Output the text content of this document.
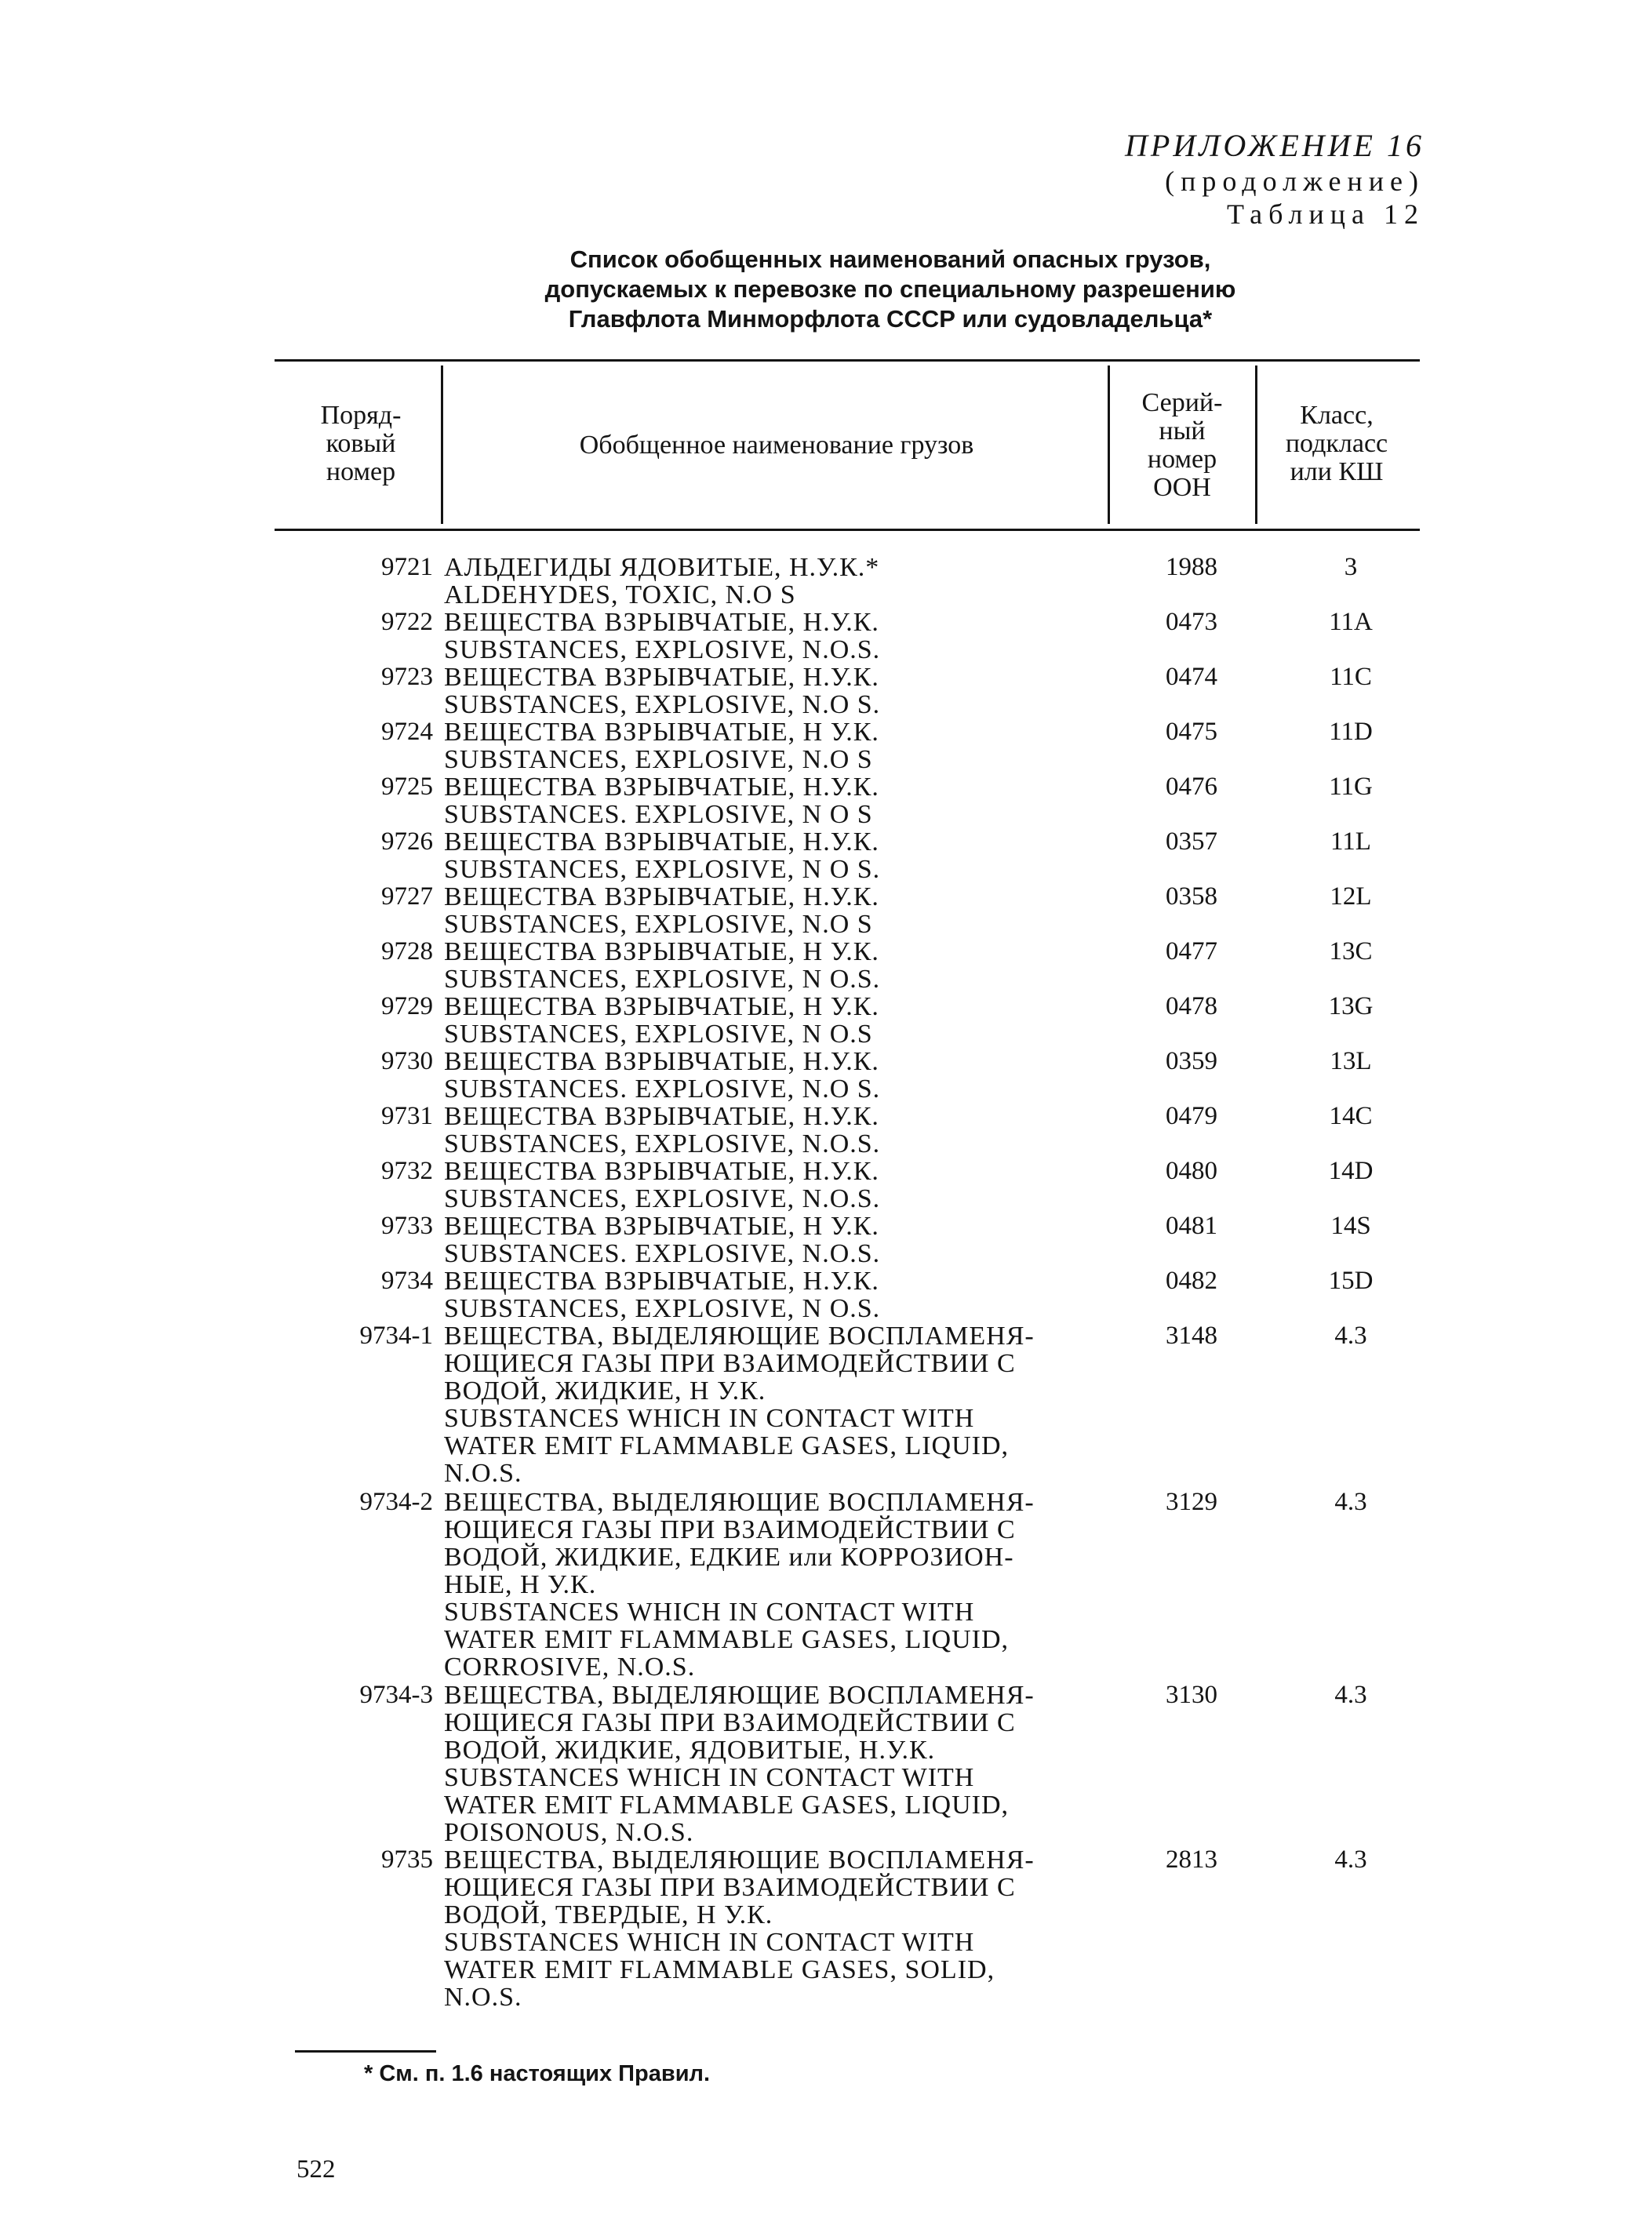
ПРИЛОЖЕНИЕ 16
(продолжение)
Таблица 12
Список обобщенных наименований опасных грузов,
допускаемых к перевозке по специальному разрешению
Главфлота Минморфлота СССР или судовладельца*
Поряд-
ковый
номер
Обобщенное наименование грузов
Серий-
ный
номер
ООН
Класс,
подкласс
или КШ
9721 АЛЬДЕГИДЫ ЯДОВИТЫЕ, Н.У.К.*
ALDEHYDES, TOXIC, N.O S
1988	3
9722 ВЕЩЕСТВА ВЗРЫВЧАТЫЕ, Н.У.К.
SUBSTANCES, EXPLOSIVE, N.O.S.
0473	11A
9723 ВЕЩЕСТВА ВЗРЫВЧАТЫЕ, Н.У.К.
SUBSTANCES, EXPLOSIVE, N.O S.
0474	11C
9724 ВЕЩЕСТВА ВЗРЫВЧАТЫЕ, Н У.К.
SUBSTANCES, EXPLOSIVE, N.O S
0475	11D
9725 ВЕЩЕСТВА ВЗРЫВЧАТЫЕ, Н.У.К.
SUBSTANCES. EXPLOSIVE, N O S
0476	11G
9726 ВЕЩЕСТВА ВЗРЫВЧАТЫЕ, Н.У.К.
SUBSTANCES, EXPLOSIVE, N O S.
0357	11L
9727 ВЕЩЕСТВА ВЗРЫВЧАТЫЕ, Н.У.К.
SUBSTANCES, EXPLOSIVE, N.O S
0358	12L
9728 ВЕЩЕСТВА ВЗРЫВЧАТЫЕ, Н У.К.
SUBSTANCES, EXPLOSIVE, N O.S.
0477	13C
9729 ВЕЩЕСТВА ВЗРЫВЧАТЫЕ, Н У.К.
SUBSTANCES, EXPLOSIVE, N O.S
0478	13G
9730 ВЕЩЕСТВА ВЗРЫВЧАТЫЕ, Н.У.К.
SUBSTANCES. EXPLOSIVE, N.O S.
0359	13L
9731 ВЕЩЕСТВА ВЗРЫВЧАТЫЕ, Н.У.К.
SUBSTANCES, EXPLOSIVE, N.O.S.
0479	14C
9732 ВЕЩЕСТВА ВЗРЫВЧАТЫЕ, Н.У.К.
SUBSTANCES, EXPLOSIVE, N.O.S.
0480	14D
9733 ВЕЩЕСТВА ВЗРЫВЧАТЫЕ, Н У.К.
SUBSTANCES. EXPLOSIVE, N.O.S.
0481	14S
9734 ВЕЩЕСТВА ВЗРЫВЧАТЫЕ, Н.У.К.
SUBSTANCES, EXPLOSIVE, N O.S.
0482	15D
9734-1 ВЕЩЕСТВА, ВЫДЕЛЯЮЩИЕ ВОСПЛАМЕНЯ-
ЮЩИЕСЯ ГАЗЫ ПРИ ВЗАИМОДЕЙСТВИИ С
ВОДОЙ, ЖИДКИЕ, Н У.К.
SUBSTANCES WHICH IN CONTACT WITH
WATER EMIT FLAMMABLE GASES, LIQUID,
N.O.S.
3148	4.3
9734-2 ВЕЩЕСТВА, ВЫДЕЛЯЮЩИЕ ВОСПЛАМЕНЯ-
ЮЩИЕСЯ ГАЗЫ ПРИ ВЗАИМОДЕЙСТВИИ С
ВОДОЙ, ЖИДКИЕ, ЕДКИЕ или КОРРОЗИОН-
НЫЕ, Н У.К.
SUBSTANCES WHICH IN CONTACT WITH
WATER EMIT FLAMMABLE GASES, LIQUID,
CORROSIVE, N.O.S.
3129	4.3
9734-3 ВЕЩЕСТВА, ВЫДЕЛЯЮЩИЕ ВОСПЛАМЕНЯ-
ЮЩИЕСЯ ГАЗЫ ПРИ ВЗАИМОДЕЙСТВИИ С
ВОДОЙ, ЖИДКИЕ, ЯДОВИТЫЕ, Н.У.К.
SUBSTANCES WHICH IN CONTACT WITH
WATER EMIT FLAMMABLE GASES, LIQUID,
POISONOUS, N.O.S.
3130	4.3
9735 ВЕЩЕСТВА, ВЫДЕЛЯЮЩИЕ ВОСПЛАМЕНЯ-
ЮЩИЕСЯ ГАЗЫ ПРИ ВЗАИМОДЕЙСТВИИ С
ВОДОЙ, ТВЕРДЫЕ, Н У.К.
SUBSTANCES WHICH IN CONTACT WITH
WATER EMIT FLAMMABLE GASES, SOLID,
N.O.S.
2813	4.3
* См. п. 1.6 настоящих Правил.
522
